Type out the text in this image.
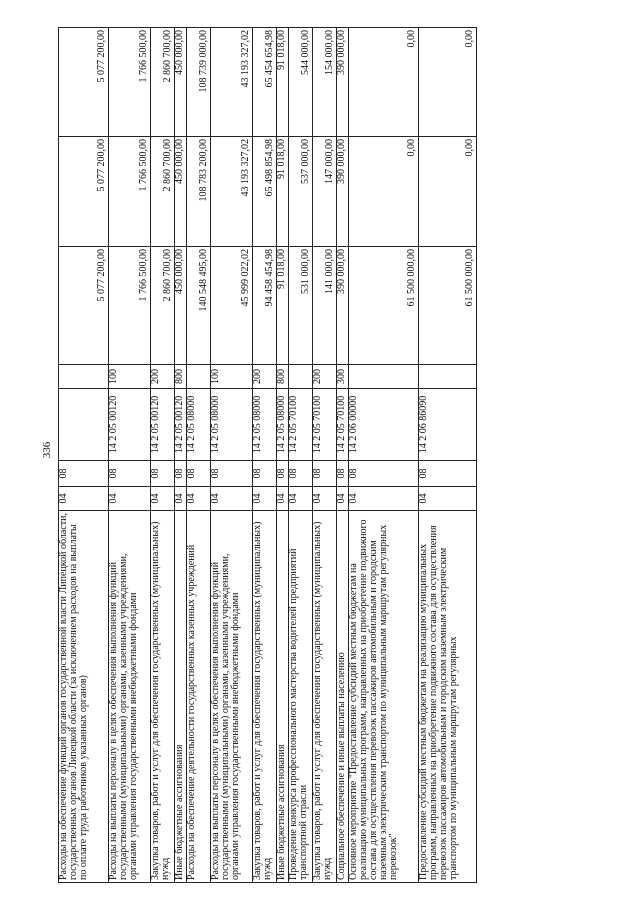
336
Расходы на обеспечение функций органов государственной власти Липецкой области, государственных органов Липецкой области (за исключением расходов на выплаты по оплате труда работников указанных органов)	04	08			5 077 200,00	5 077 200,00	5 077 200,00
Расходы на выплаты персоналу в целях обеспечения выполнения функций государственными (муниципальными) органами, казенными учреждениями, органами управления государственными внебюджетными фондами	04	08	14 2 05 00120	100	1 766 500,00	1 766 500,00	1 766 500,00
Закупка товаров, работ и услуг для обеспечения государственных (муниципальных) нужд	04	08	14 2 05 00120	200	2 860 700,00	2 860 700,00	2 860 700,00
Иные бюджетные ассигнования	04	08	14 2 05 00120	800	450 000,00	450 000,00	450 000,00
Расходы на обеспечение деятельности государственных казенных учреждений	04	08	14 2 05 08000		140 548 495,00	108 783 200,00	108 739 000,00
Расходы на выплаты персоналу в целях обеспечения выполнения функций государственными (муниципальными) органами, казенными учреждениями, органами управления государственными внебюджетными фондами	04	08	14 2 05 08000	100	45 999 022,02	43 193 327,02	43 193 327,02
Закупка товаров, работ и услуг для обеспечения государственных (муниципальных) нужд	04	08	14 2 05 08000	200	94 458 454,98	65 498 854,98	65 454 654,98
Иные бюджетные ассигнования	04	08	14 2 05 08000	800	91 018,00	91 018,00	91 018,00
Проведение конкурса профессионального мастерства водителей предприятий транспортной отрасли	04	08	14 2 05 70100		531 000,00	537 000,00	544 000,00
Закупка товаров, работ и услуг для обеспечения государственных (муниципальных) нужд	04	08	14 2 05 70100	200	141 000,00	147 000,00	154 000,00
Социальное обеспечение и иные выплаты населению	04	08	14 2 05 70100	300	390 000,00	390 000,00	390 000,00
Основное мероприятие "Предоставление субсидий местным бюджетам на реализацию муниципальных программ, направленных на приобретение подвижного состава для осуществления перевозок пассажиров автомобильным и городским наземным электрическим транспортом по муниципальным маршрутам регулярных перевозок"	04	08	14 2 06 00000		61 500 000,00	0,00	0,00
Предоставление субсидий местным бюджетам на реализацию муниципальных программ, направленных на приобретение подвижного состава для осуществления перевозок пассажиров автомобильным и городским наземным электрическим транспортом по муниципальным маршрутам регулярных	04	08	14 2 06 86090		61 500 000,00	0,00	0,00
